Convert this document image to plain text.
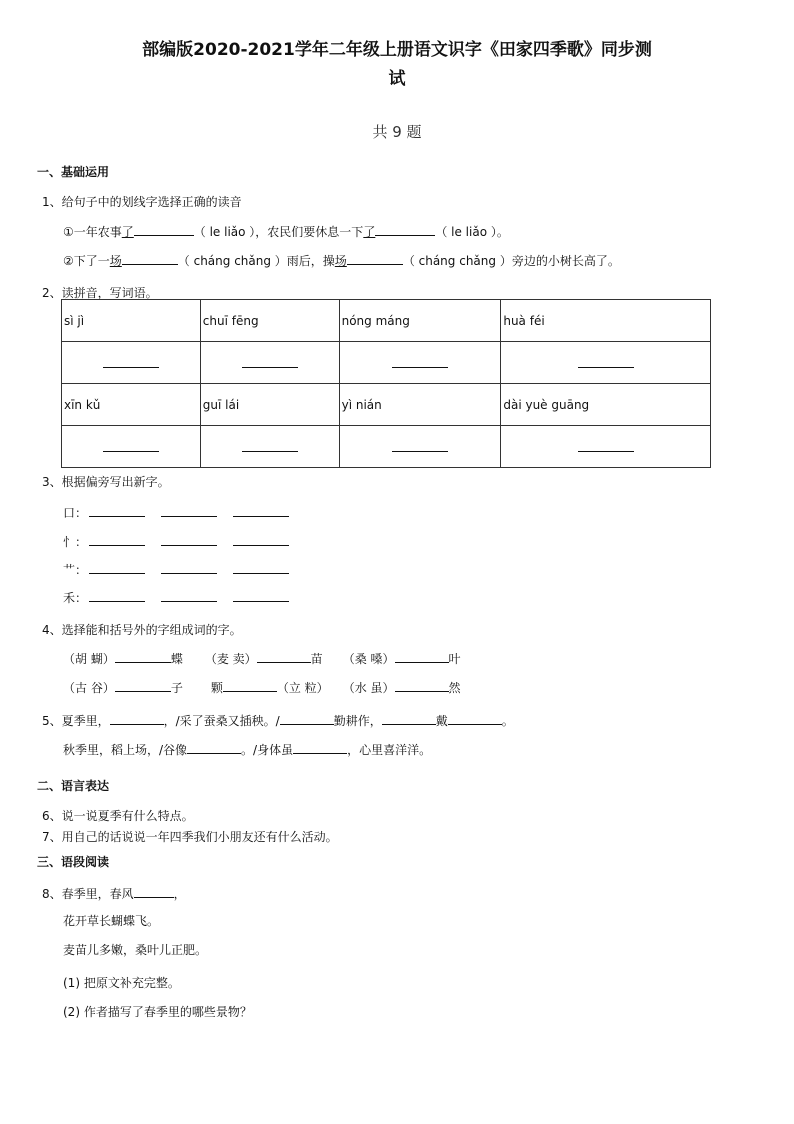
部编版2020-2021学年二年级上册语文识字《田家四季歌》同步测
试
共 9 题
一、基础运用
1、给句子中的划线字选择正确的读音
①一年农事了	（ le liǎo ），农民们要休息一下了	（ le liǎo ）。
②下了一场	（ cháng chǎng ）雨后，操场	（ cháng chǎng ）旁边的小树长高了。
2、读拼音，写词语。
sì jì	chuī fēng	nóng máng	huà féi

xīn kǔ	guī lái	yì nián	dài yuè guāng

3、根据偏旁写出新字。
口：
忄：
艹：
禾：
4、选择能和括号外的字组成词的字。
（胡 蝴）	蝶 （麦 卖）	苗 （桑 嗓）	叶
（古 谷）	子 颗	（立 粒） （水 虽）	然
5、夏季里，	，/采了蚕桑又插秧。/	勤耕作，	戴	。
秋季里，稻上场，/谷像	。/身体虽	，心里喜洋洋。
二、语言表达
6、说一说夏季有什么特点。
7、用自己的话说说一年四季我们小朋友还有什么活动。
三、语段阅读
8、春季里，春风	，
花开草长蝴蝶飞。
麦苗儿多嫩，桑叶儿正肥。
(1) 把原文补充完整。
(2) 作者描写了春季里的哪些景物？
